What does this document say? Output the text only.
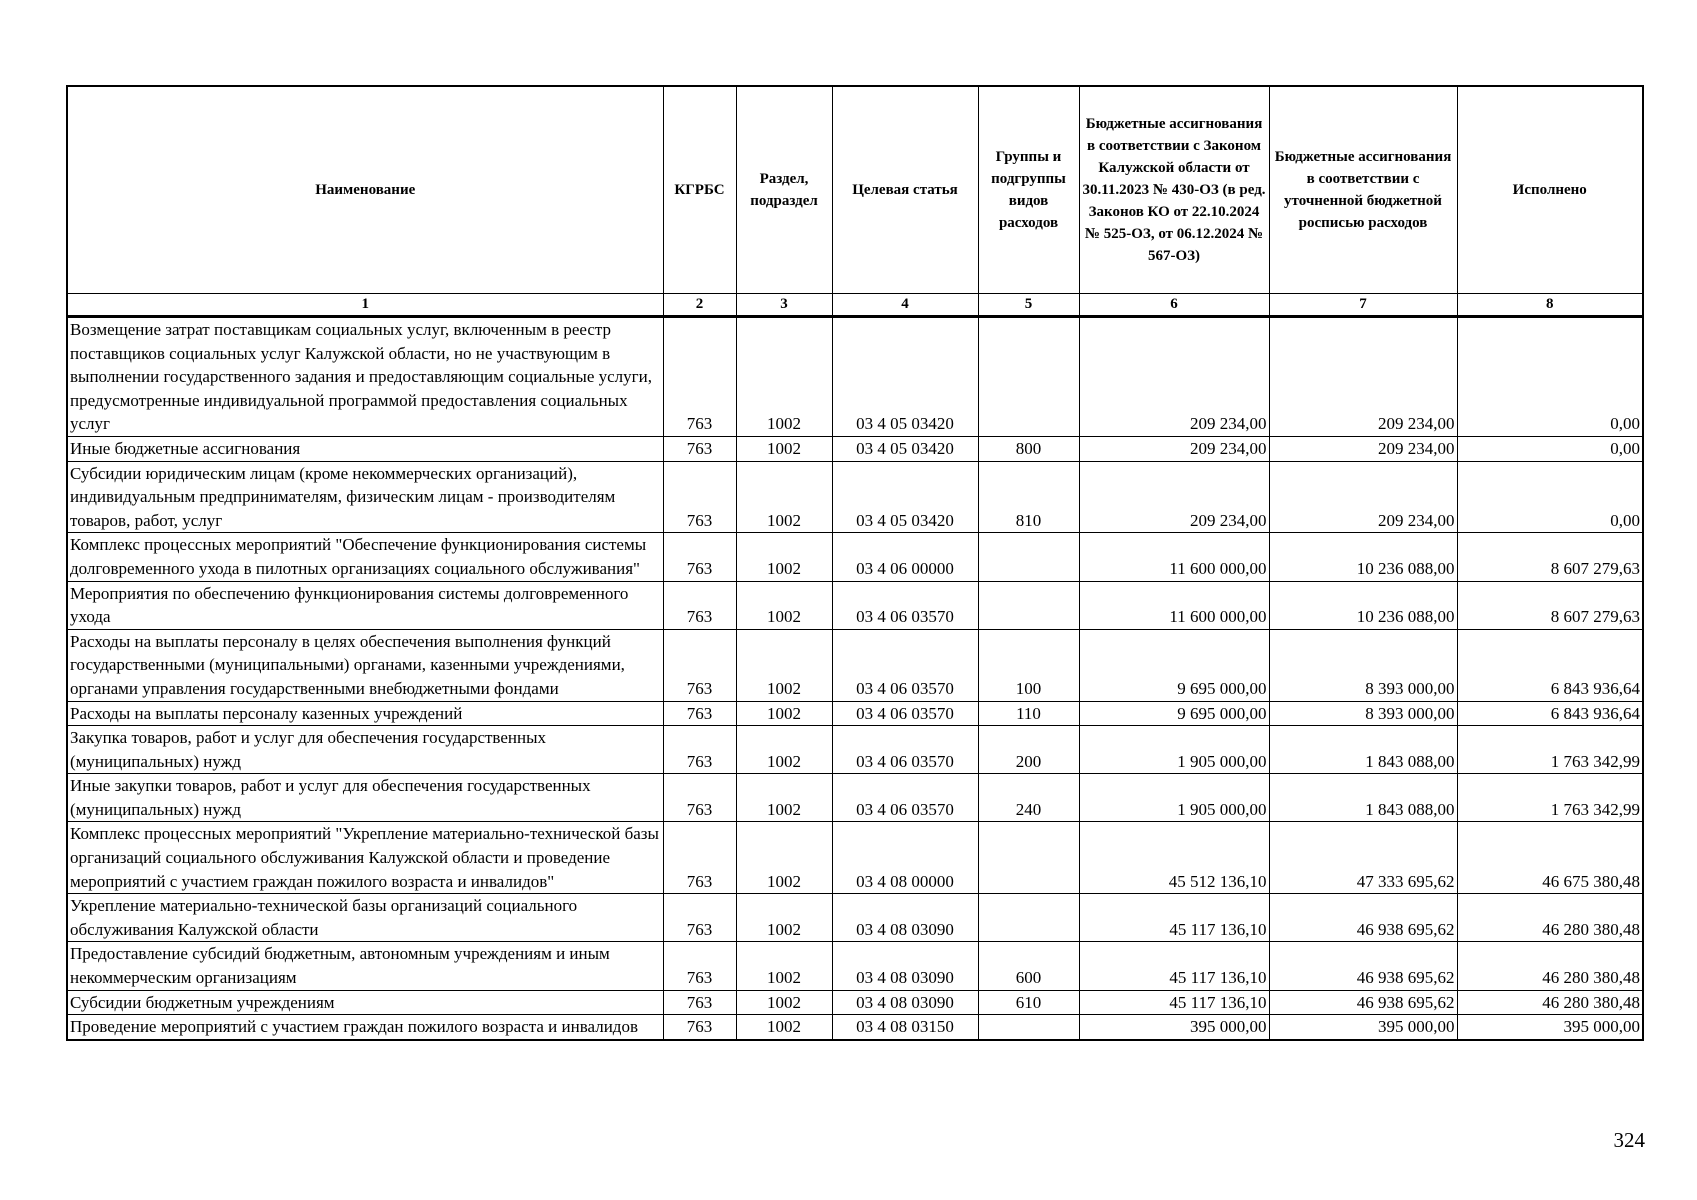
Наименование	КГРБС	Раздел, подраздел	Целевая статья	Группы и подгруппы видов расходов	Бюджетные ассигнования в соответствии с Законом Калужской области от 30.11.2023 № 430-ОЗ (в ред. Законов КО от 22.10.2024 № 525-ОЗ, от 06.12.2024 № 567-ОЗ)	Бюджетные ассигнования в соответствии с уточненной бюджетной росписью расходов	Исполнено
1	2	3	4	5	6	7	8
Возмещение затрат поставщикам социальных услуг, включенным в реестр поставщиков социальных услуг Калужской области, но не участвующим в выполнении государственного задания и предоставляющим социальные услуги, предусмотренные индивидуальной программой предоставления социальных услуг	763	1002	03 4 05 03420		209 234,00	209 234,00	0,00
Иные бюджетные ассигнования	763	1002	03 4 05 03420	800	209 234,00	209 234,00	0,00
Субсидии юридическим лицам (кроме некоммерческих организаций), индивидуальным предпринимателям, физическим лицам - производителям товаров, работ, услуг	763	1002	03 4 05 03420	810	209 234,00	209 234,00	0,00
Комплекс процессных мероприятий "Обеспечение функционирования системы долговременного ухода в пилотных организациях социального обслуживания"	763	1002	03 4 06 00000		11 600 000,00	10 236 088,00	8 607 279,63
Мероприятия по обеспечению функционирования системы долговременного ухода	763	1002	03 4 06 03570		11 600 000,00	10 236 088,00	8 607 279,63
Расходы на выплаты персоналу в целях обеспечения выполнения функций государственными (муниципальными) органами, казенными учреждениями, органами управления государственными внебюджетными фондами	763	1002	03 4 06 03570	100	9 695 000,00	8 393 000,00	6 843 936,64
Расходы на выплаты персоналу казенных учреждений	763	1002	03 4 06 03570	110	9 695 000,00	8 393 000,00	6 843 936,64
Закупка товаров, работ и услуг для обеспечения государственных (муниципальных) нужд	763	1002	03 4 06 03570	200	1 905 000,00	1 843 088,00	1 763 342,99
Иные закупки товаров, работ и услуг для обеспечения государственных (муниципальных) нужд	763	1002	03 4 06 03570	240	1 905 000,00	1 843 088,00	1 763 342,99
Комплекс процессных мероприятий "Укрепление материально-технической базы организаций социального обслуживания Калужской области и проведение мероприятий с участием граждан пожилого возраста и инвалидов"	763	1002	03 4 08 00000		45 512 136,10	47 333 695,62	46 675 380,48
Укрепление материально-технической базы организаций социального обслуживания Калужской области	763	1002	03 4 08 03090		45 117 136,10	46 938 695,62	46 280 380,48
Предоставление субсидий бюджетным, автономным учреждениям и иным некоммерческим организациям	763	1002	03 4 08 03090	600	45 117 136,10	46 938 695,62	46 280 380,48
Субсидии бюджетным учреждениям	763	1002	03 4 08 03090	610	45 117 136,10	46 938 695,62	46 280 380,48
Проведение мероприятий с участием граждан пожилого возраста и инвалидов	763	1002	03 4 08 03150		395 000,00	395 000,00	395 000,00
324
